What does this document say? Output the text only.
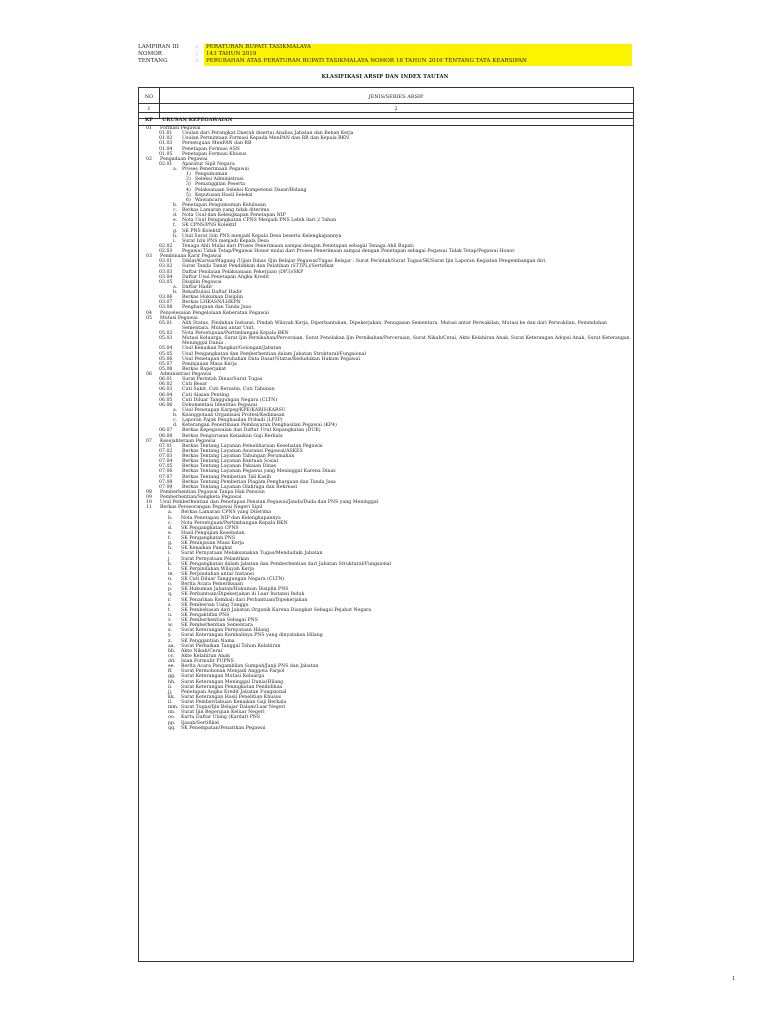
LAMPIRAN III	:	PERATURAN BUPATI TASIKMALAYA
NOMOR	:	143 TAHUN 2019
TENTANG	:	PERUBAHAN ATAS PERATURAN BUPATI TASIKMALAYA NOMOR 18 TAHUN 2016 TENTANG TATA KEARSIPAN
KLASIFIKASI ARSIP DAN INDEX TAUTAN
NO	JENIS/SERIES ARSIP
1	2
KP	URUSAN KEPEGAWAIAN
01 Formasi Pegawai
01.01 Usulan dari Perangkat Daerah disertai Analisa Jabatan dan Beban Kerja
01.02 Usulan Permintaan Formasi Kepada MenPAN dan RB dan Kepala BKN
01.03 Persetujuan MenPAN dan RB
01.04 Penetapan Formasi ASN
01.05 Penetapan Formasi Khusus
02 Pengadaan Pegawai
02.01 Aparatur Sipil Negara
a. Proses Penerimaan Pegawai
1) Pengumuman
2) Seleksi Administrasi
3) Pemanggilan Peserta
4) Pelaksanaan Seleksi Kompetensi Dasar/Bidang
5) Keputusan Hasil Seleksi
6) Wawancara
b. Penetapan Pengumuman Kelulusan
c. Berkas Lamaran yang tidak diterima
d. Nota Usul dan Kelengkapan Penetapan NIP
e. Nota Usul Pengangkatan CPNS Menjadi PNS Lebih dari 2 Tahun
f. SK CPNS/PNS Kolektif
g. SK PNS Kolektif
h. Usul Surat Izin PNS menjadi Kepala Desa beserta Kelengkapannya
i. Surat Izin PNS menjadi Kepala Desa
02.02 Tenaga Ahli Mulai dari Proses Penerimaan sampai dengan Penetapan sebagai Tenaga Ahli Bupati
02.03 Pegawai Tidak Tetap/Pegawai Honor mulai dari Proses Penerimaan sampai dengan Penetapan sebagai Pegawai Tidak Tetap/Pegawai Honor
03 Pembinaan Karir Pegawai
03.01 Diklat/Kursus/Magang /Ujian Dinas /Ijin Belajar Pegawai/Tugas Belajar : Surat Perintah/Surat Tugas/SK/Surat Ijin Laporan Kegiatan Pengembangan diri.
03.02 Surat Tanda Tamat Pendidikan dan Pelatihan (STTPL)/Sertifikat
03.03 Daftar Penilaian Pelaksanaan Pekerjaan (DP3)/SKP
03.04 Daftar Usul Penetapan Angka Kredit
03.05 Disiplin Pegawai
a. Daftar Hadir
b. Rekafitulasi Daftar Hadir
03.06 Berkas Hukuman Disiplin
03.07 Berkas LHKASN/LHKPN
03.08 Penghargaan dan Tanda Jasa
04 Penyelesaian Pengelolaan Keberatan Pegawai
05 Mutasi Pegawai
05.01 Alih Status, Pindahan Instansi, Pindah Wilayah Kerja, Diperbantukan, Dipekerjakan, Penugasan Sementara, Mutasi antar Perwakilan, Mutasi ke dan dari Perwakilan, Pemindahan Sementara, Mutasi antar Unit.
05.02 Nota Persetujuan/Pertimbangan Kepala BKN
05.03 Mutasi Keluarga, Surat Ijin Pernikahan/Perceraian, Surat Penolakan Ijin Pernikahan/Perceraian, Surat Nikah/Cerai, Akte Kelahiran Anak, Surat Keterangan Adopsi Anak, Surat Keterangan Meninggal Dunia .
05.04 Usul Kenaikan Pangkat/Golongan/Jabatan
05.05 Usul Pengangkatan dan Pemberhentian dalam Jabatan Struktural/Fungsional
05.06 Usul Penetapan Perubahan Data Dasar/Status/Kedudukan Hukum Pegawai
05.07 Peninjauan Masa Kerja
05.08 Berkas Baperjakat
06 Administrasi Pegawai
06.01 Surat Perintah Dinas/Surat Tugas
06.02 Cuti Besar
06.03 Cuti Sakit, Cuti Bersalin, Cuti Tahunan
06.04 Cuti Alasan Penting
06.05 Cuti Diluar Tanggungan Negara (CLTN)
06.06 Dokumentasi Identitas Pegawai
a. Usul Penetapan Karpeg/KPE/KARIS/KARSU
b. Keanggotaan Organisasi Profesi/Kedinasan
c. Laporan Pajak Penghasilan Pribadi (LP2P)
d. Keterangan Penerimaan Pembayaran Penghasilan Pegawai (KP4)
06.07 Berkas Kepegawaian dan Daftar Urut Kepangkatan (DUK)
06.08 Berkas Pengurusan Kenaikan Gaji Berkala
07 Kesejahteraan Pegawai
07.01 Berkas Tentang Layanan Pemeliharaan Kesehatan Pegawai
07.02 Berkas Tentang Layanan Asuransi Pegawai/ASKES
07.03 Berkas Tentang Layanan Tabungan Perumahan
07.04 Berkas Tentang Layanan Bantuan Sosial
07.05 Berkas Tentang Layanan Pakaian Dinas
07.06 Berkas Tentang Layanan Pegawai yang Meninggal Karena Dinas
07.07 Berkas Tentang Pemberian Tali Kasih
07.08 Berkas Tentang Pemberian Piagam Penghargaan dan Tanda Jasa
07.09 Berkas Tentang Layanan Olahraga dan Rekreasi
08 Pemberhentian Pegawai Tanpa Hak Pensiun
09 Pemberhentian/Sengketa Pegawai
10 Usul Pemberhentian dan Penetapan Pensiun Pegawai/Janda/Duda dan PNS yang Meninggal
11 Berkas Perseorangan Pegawai Negeri Sipil
a. Berkas Lamaran CPNS yang Diterima
b. Nota Penetapan NIP dan Kelengkapannya
c. Nota Persetujuan/Pertimbangan Kepala BKN
d. SK Pengangkatan CPNS
e. Hasil Pengujian Kesehatan
f. SK Pengangkatan PNS
g. SK Peninjauan Masa Kerja
h. SK Kenaikan Pangkat
i. Surat Pernyataan Melaksanakan Tugas/Menduduki Jabatan
j. Surat Pernyataan Pelantikan
k. SK Pengangkatan dalam jabatan dan Pemberhentian dari Jabatan Struktural/Fungsional
l. SK Perpindahan Wilayah Kerja
m. SK Perpindahan antar Instansi
n. SK Cuti Diluar Tanggungan Negara (CLTN)
o. Berita Acara Pemeriksaan
p. SK Hukuman Jabatan/Hukuman Disiplin PNS
q. SK Perbantuan/Dipekerjakan di Luar Instansi Induk
r. SK Penarikan Kembali dari Perbantuan/Dipekerjakan
s. SK Pemberian Uang Tunggu
t. SK Pembebasan dari Jabatan Organik Karena Diangkat Sebagai Pejabat Negara
u. SK Pengaktifan PNS
v. SK Pemberhentian Sebagai PNS
w. SK Pemberhentian Sementara
x. Surat Keterangan Pernyataan Hilang
y. Surat Keterangan Kembalinya PNS yang dinyatakan Hilang
z. SK Penggantian Nama
aa. Surat Perbaikan Tanggal Tahun Kelahiran
bb. Akte Nikah/Cerai
cc. Akte Kelahiran Anak
dd. Isian Formulir PUPNS
ee. Berita Acara Pengambilan Sumpah/Janji PNS dan Jabatan
ff. Surat Permohonan Menjadi Anggota Parpol
gg. Surat Keterangan Mutasi Keluarga
hh. Surat Keterangan Meninggal Dunia/Hilang
ii. Surat Keterangan Peningkatan Pendidikan
jj. Penetapan Angka Kredit Jabatan Fungsional
kk. Surat Keterangan Hasil Penelitian Khusus
ll. Surat Pemberitahuan Kenaikan Gaji Berkala
mm. Surat Tugas/Ijin Belajar Dalam/Luar Negeri
nn. Surat Ijin Bepergian Keluar Negeri
oo. Kartu Daftar Ulang (Kardaf) PNS
pp. Ijasah/Sertifikat
qq. SK Penempatan/Penarikan Pegawai
1
